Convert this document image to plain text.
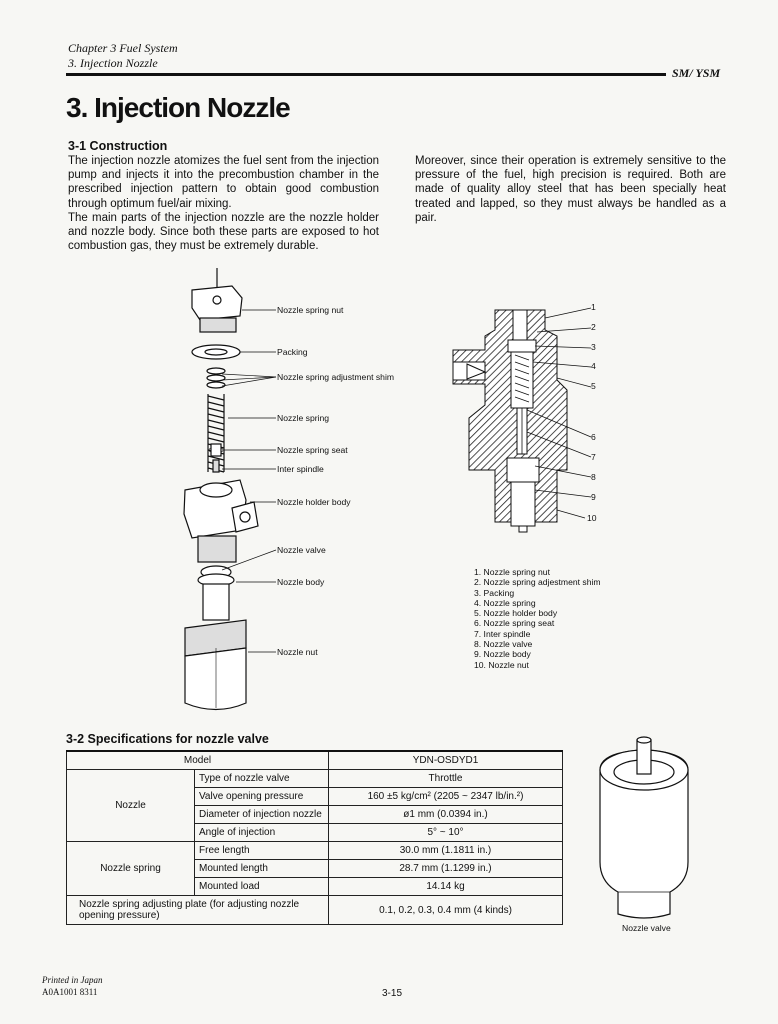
Chapter 3 Fuel System
3. Injection Nozzle
SM/ YSM
3. Injection Nozzle
3-1 Construction
The injection nozzle atomizes the fuel sent from the injection pump and injects it into the precombustion chamber in the prescribed injection pattern to obtain good combustion through optimum fuel/air mixing.
The main parts of the injection nozzle are the nozzle holder and nozzle body. Since both these parts are exposed to hot combustion gas, they must be extremely durable.
Moreover, since their operation is extremely sensitive to the pressure of the fuel, high precision is required. Both are made of quality alloy steel that has been specially heat treated and lapped, so they must always be handled as a pair.
Nozzle spring nut
Packing
Nozzle spring adjustment shim
Nozzle spring
Nozzle spring seat
Inter spindle
Nozzle holder body
Nozzle valve
Nozzle body
Nozzle nut
1
2
3
4
5
6
7
8
9
10
1. Nozzle spring nut
2. Nozzle spring adjestment shim
3. Packing
4. Nozzle spring
5. Nozzle holder body
6. Nozzle spring seat
7. Inter spindle
8. Nozzle valve
9. Nozzle body
10. Nozzle nut
3-2 Specifications for nozzle valve
Model		YDN-OSDYD1
Nozzle	Type of nozzle valve	Throttle
	Valve opening pressure	160 ±5 kg/cm² (2205 ~ 2347 lb/in.²)
	Diameter of injection nozzle	ø1 mm (0.0394 in.)
	Angle of injection	5° ~ 10°
Nozzle spring	Free length	30.0 mm (1.1811 in.)
	Mounted length	28.7 mm (1.1299 in.)
	Mounted load	14.14 kg
Nozzle spring adjusting plate (for adjusting nozzle opening pressure)		0.1, 0.2, 0.3, 0.4 mm (4 kinds)
Nozzle valve
Printed in Japan
A0A1001 8311	3-15
